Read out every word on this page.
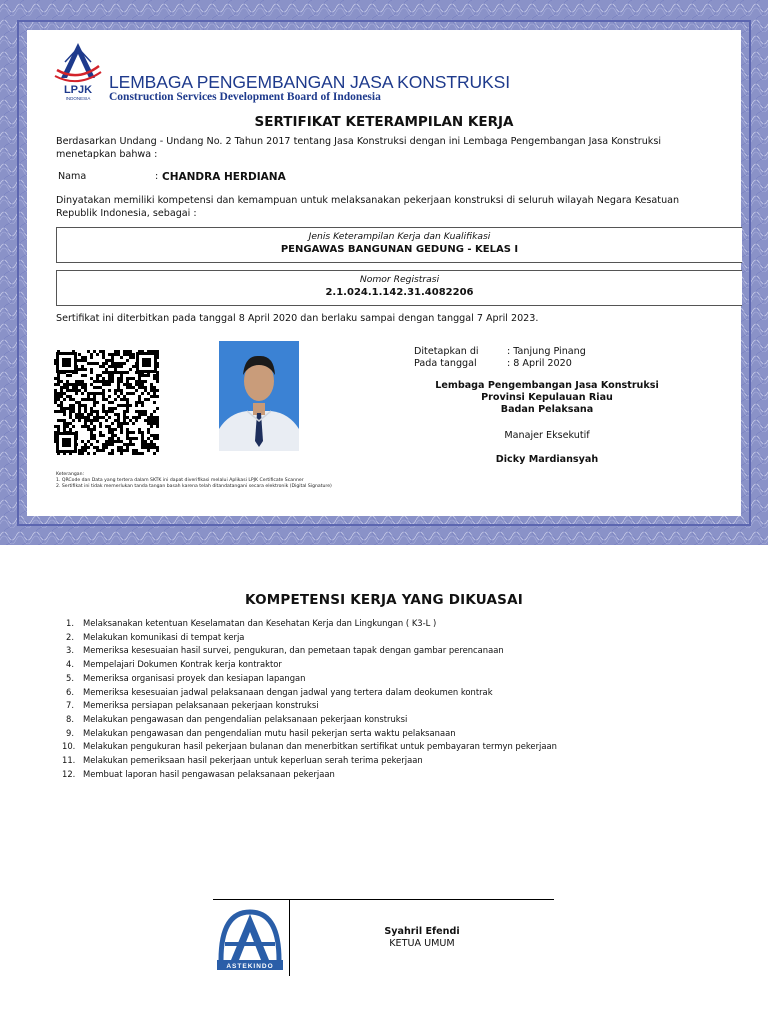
LPJK
INDONESIA
LEMBAGA PENGEMBANGAN JASA KONSTRUKSI
Construction Services Development Board of Indonesia
SERTIFIKAT KETERAMPILAN KERJA
Berdasarkan Undang - Undang No. 2 Tahun 2017 tentang Jasa Konstruksi dengan ini Lembaga Pengembangan Jasa Konstruksi menetapkan bahwa :
Nama	: CHANDRA HERDIANA
Dinyatakan memiliki kompetensi dan kemampuan untuk melaksanakan pekerjaan konstruksi di seluruh wilayah Negara Kesatuan Republik Indonesia, sebagai :
Jenis Keterampilan Kerja dan Kualifikasi
PENGAWAS BANGUNAN GEDUNG - KELAS I
Nomor Registrasi
2.1.024.1.142.31.4082206
Sertifikat ini diterbitkan pada tanggal 8 April 2020 dan berlaku sampai dengan tanggal 7 April 2023.
Ditetapkan di	: Tanjung Pinang
Pada tanggal	: 8 April 2020
Lembaga Pengembangan Jasa Konstruksi
Provinsi Kepulauan Riau
Badan Pelaksana
Manajer Eksekutif
Dicky Mardiansyah
Keterangan:
1. QRCode dan Data yang tertera dalam SKTK ini dapat diverifikasi melalui Aplikasi LPJK Certificate Scanner
2. Sertifikat ini tidak memerlukan tanda tangan basah karena telah ditandatangani secara elektronik (Digital Signature)
KOMPETENSI KERJA YANG DIKUASAI
1.	Melaksanakan ketentuan Keselamatan dan Kesehatan Kerja dan Lingkungan ( K3-L )
2.	Melakukan komunikasi di tempat kerja
3.	Memeriksa kesesuaian hasil survei, pengukuran, dan pemetaan tapak dengan gambar perencanaan
4.	Mempelajari Dokumen Kontrak kerja kontraktor
5.	Memeriksa organisasi proyek dan kesiapan lapangan
6.	Memeriksa kesesuaian jadwal pelaksanaan dengan jadwal yang tertera dalam deokumen kontrak
7.	Memeriksa persiapan pelaksanaan pekerjaan konstruksi
8.	Melakukan pengawasan dan pengendalian pelaksanaan pekerjaan konstruksi
9.	Melakukan pengawasan dan pengendalian mutu hasil pekerjan serta waktu pelaksanaan
10. Melakukan pengukuran hasil pekerjaan bulanan dan menerbitkan sertifikat untuk pembayaran termyn pekerjaan
11. Melakukan pemeriksaan hasil pekerjaan untuk keperluan serah terima pekerjaan
12. Membuat laporan hasil pengawasan pelaksanaan pekerjaan
ASTEKINDO
Syahril Efendi
KETUA UMUM
